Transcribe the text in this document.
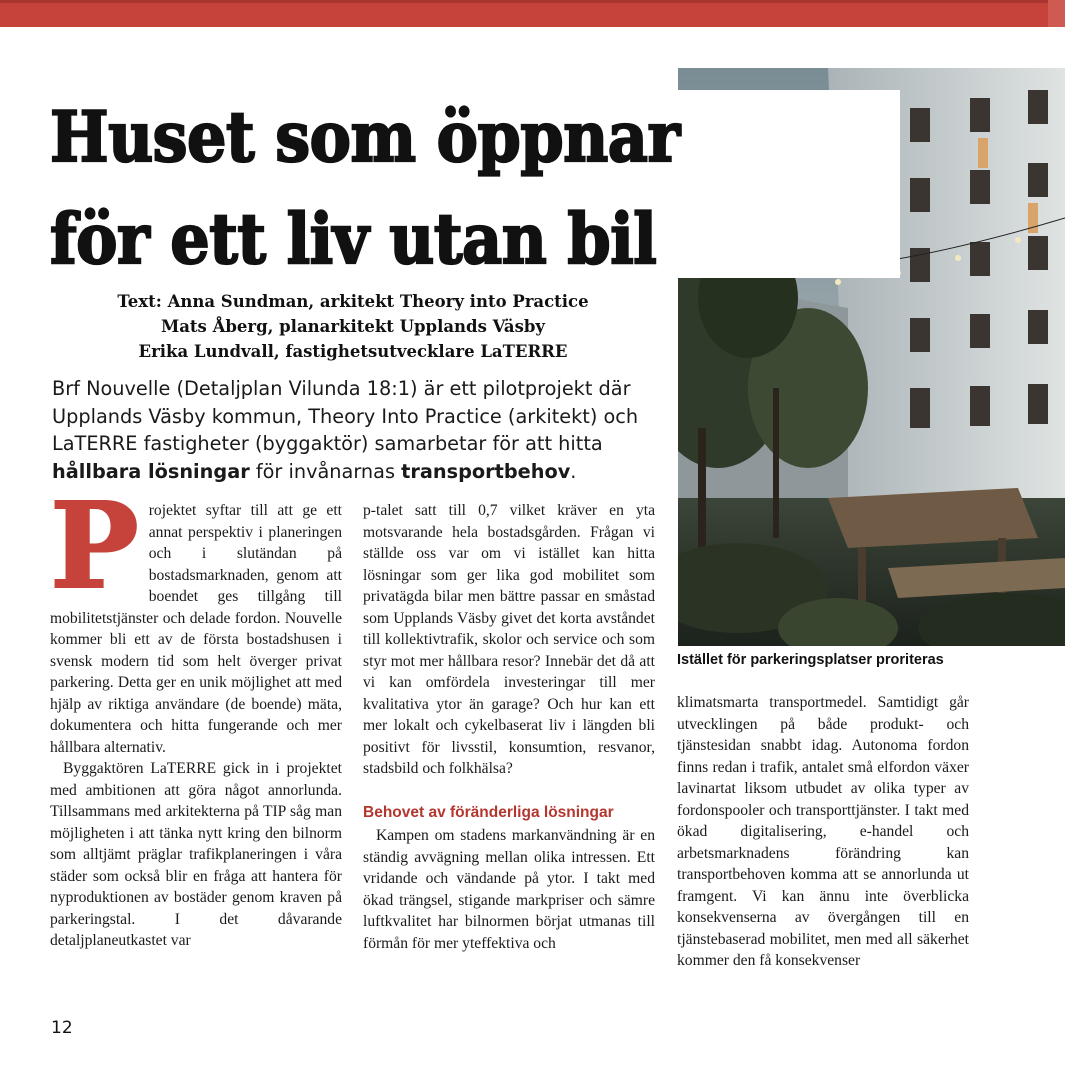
Huset som öppnar
för ett liv utan bil
Text: Anna Sundman, arkitekt Theory into Practice
Mats Åberg, planarkitekt Upplands Väsby
Erika Lundvall, fastighetsutvecklare LaTERRE

Brf Nouvelle (Detaljplan Vilunda 18:1) är ett pilotprojekt där Upplands Väsby kommun, Theory Into Practice (arkitekt) och LaTERRE fastigheter (byggaktör) samarbetar för att hitta hållbara lösningar för invånarnas transportbehov.

P rojektet syftar till att ge ett annat perspektiv i planeringen och i slutändan på bostadsmarknaden, genom att boendet ges tillgång till mobilitetstjänster och delade fordon. Nouvelle kommer bli ett av de första bostadshusen i svensk modern tid som helt överger privat parkering. Detta ger en unik möjlighet att med hjälp av riktiga användare (de boende) mäta, dokumentera och hitta fungerande och mer hållbara alternativ.

Byggaktören LaTERRE gick in i projektet med ambitionen att göra något annorlunda. Tillsammans med arkitekterna på TIP såg man möjligheten i att tänka nytt kring den bilnorm som alltjämt präglar trafikplaneringen i våra städer som också blir en fråga att hantera för nyproduktionen av bostäder genom kraven på parkeringstal. I det dåvarande detaljplaneutkastet var

p-talet satt till 0,7 vilket kräver en yta motsvarande hela bostadsgården. Frågan vi ställde oss var om vi istället kan hitta lösningar som ger lika god mobilitet som privatägda bilar men bättre passar en småstad som Upplands Väsby givet det korta avståndet till kollektivtrafik, skolor och service och som styr mot mer hållbara resor? Innebär det då att vi kan omfördela investeringar till mer kvalitativa ytor än garage? Och hur kan ett mer lokalt och cykelbaserat liv i längden bli positivt för livsstil, konsumtion, resvanor, stadsbild och folkhälsa?

Behovet av föränderliga lösningar

Kampen om stadens markanvändning är en ständig avvägning mellan olika intressen. Ett vridande och vändande på ytor. I takt med ökad trängsel, stigande markpriser och sämre luftkvalitet har bilnormen börjat utmanas till förmån för mer yteffektiva och

Istället för parkeringsplatser proriteras

klimatsmarta transportmedel. Samtidigt går utvecklingen på både produkt- och tjänstesidan snabbt idag. Autonoma fordon finns redan i trafik, antalet små elfordon växer lavinartat liksom utbudet av olika typer av fordonspooler och transporttjänster. I takt med ökad digitalisering, e-handel och arbetsmarknadens förändring kan transportbehoven komma att se annorlunda ut framgent. Vi kan ännu inte överblicka konsekvenserna av övergången till en tjänstebaserad mobilitet, men med all säkerhet kommer den få konsekvenser

12
